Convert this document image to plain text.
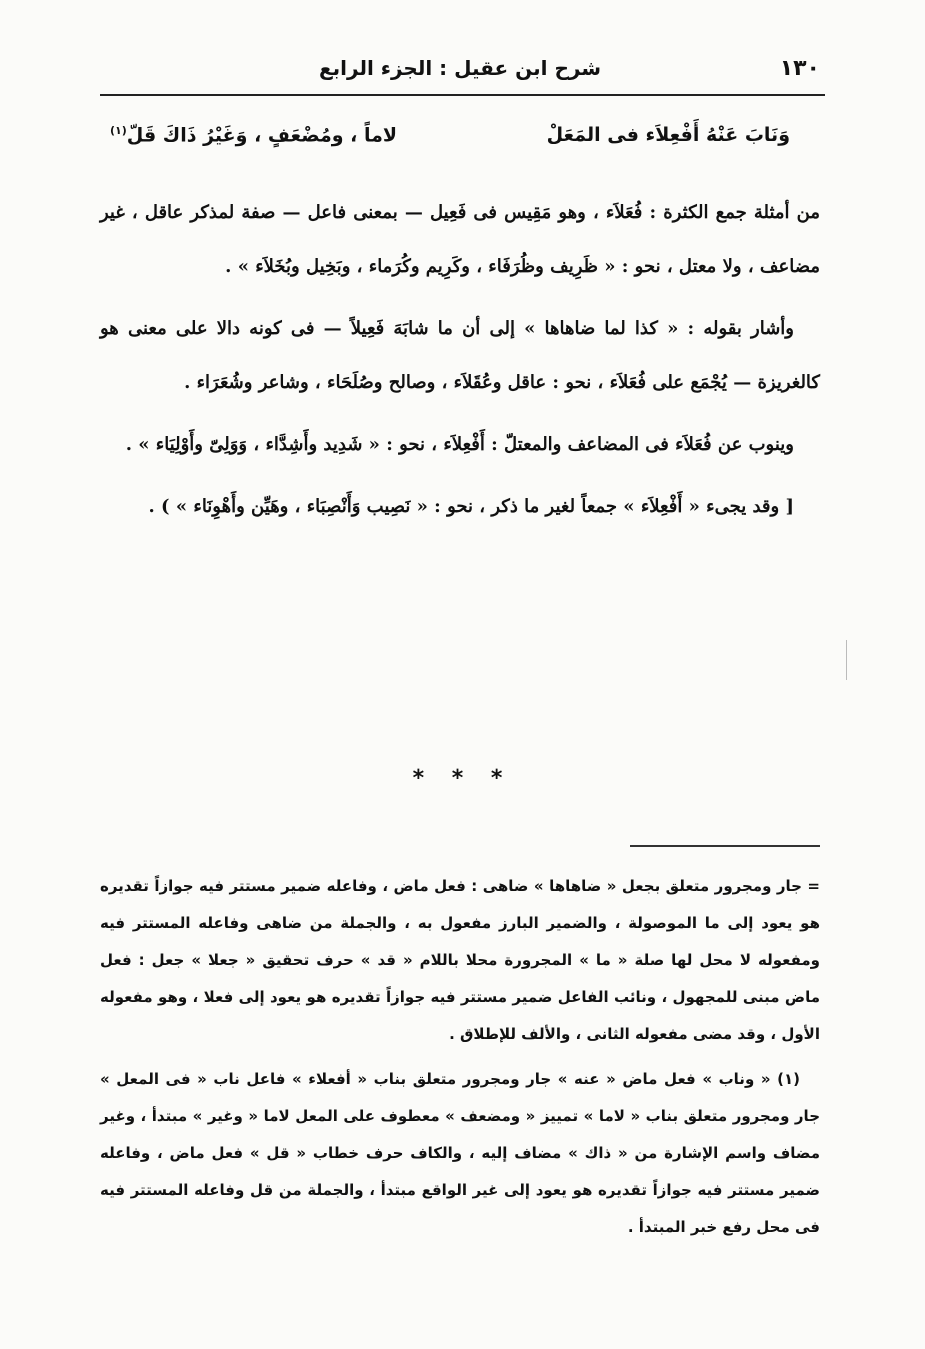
١٣٠
شرح ابن عقيل : الجزء الرابع
وَنَابَ عَنْهُ أَفْعِلاَء فى المَعَلْ
لاماً ، ومُضْعَفٍ ، وَغَيْرُ ذَاكَ قَلّ$^{(١)}$

من أمثلة جمع الكثرة : فُعَلاَء ، وهو مَقِيس فى فَعِيل — بمعنى فاعل — صفة لمذكر عاقل ، غير مضاعف ، ولا معتل ، نحو : « ظَرِيف وظُرَفَاء ، وكَرِيم وكُرَماء ، وبَخِيل وبُخَلاَء » .

وأشار بقوله : « كذا لما ضاهاها » إلى أن ما شابَهَ فَعِيلاً — فى كونه دالا على معنى هو كالغريزة — يُجْمَع على فُعَلاَء ، نحو : عاقل وعُقَلاَء ، وصالح وصُلَحَاء ، وشاعر وشُعَرَاء .

وينوب عن فُعَلاَء فى المضاعف والمعتلّ : أَفْعِلاَء ، نحو : « شَدِيد وأَشِدَّاء ، وَوَلِىّ وأَوْلِيَاء » .

[ وقد يجىء « أَفْعِلاَء » جمعاً لغير ما ذكر ، نحو : « نَصِيب وَأَنْصِبَاء ، وهَيِّن وأَهْوِنَاء » ) .

* * *

= جار ومجرور متعلق بجعل « ضاهاها » ضاهى : فعل ماض ، وفاعله ضمير مستتر فيه جوازاً تقديره هو يعود إلى ما الموصولة ، والضمير البارز مفعول به ، والجملة من ضاهى وفاعله المستتر فيه ومفعوله لا محل لها صلة « ما » المجرورة محلا باللام « قد » حرف تحقيق « جعلا » جعل : فعل ماض مبنى للمجهول ، ونائب الفاعل ضمير مستتر فيه جوازاً تقديره هو يعود إلى فعلا ، وهو مفعوله الأول ، وقد مضى مفعوله الثانى ، والألف للإطلاق .

(١) « وناب » فعل ماض « عنه » جار ومجرور متعلق بناب « أفعلاء » فاعل ناب « فى المعل » جار ومجرور متعلق بناب « لاما » تمييز « ومضعف » معطوف على المعل لاما « وغير » مبتدأ ، وغير مضاف واسم الإشارة من « ذاك » مضاف إليه ، والكاف حرف خطاب « قل » فعل ماض ، وفاعله ضمير مستتر فيه جوازاً تقديره هو يعود إلى غير الواقع مبتدأ ، والجملة من قل وفاعله المستتر فيه فى محل رفع خبر المبتدأ .
